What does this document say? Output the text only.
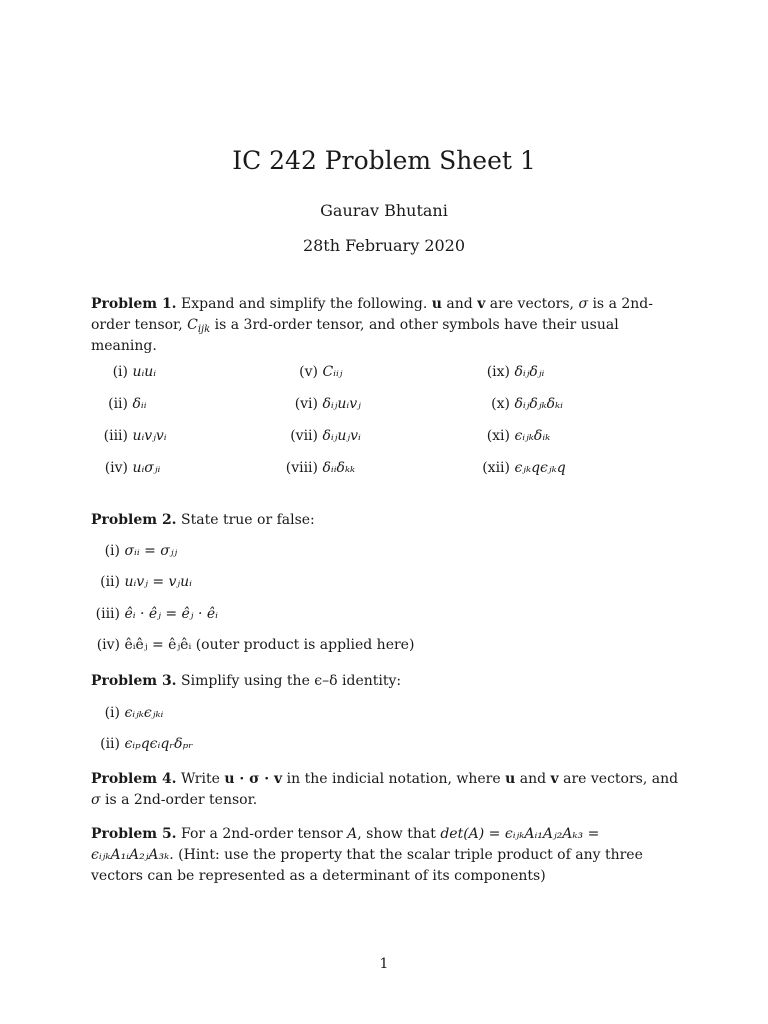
IC 242 Problem Sheet 1
Gaurav Bhutani
28th February 2020
Problem 1. Expand and simplify the following. u and v are vectors, σ is a 2nd-order tensor, $C_{ijk}$ is a 3rd-order tensor, and other symbols have their usual meaning.
(i) uᵢuᵢ
(ii) δᵢᵢ
(iii) uᵢvⱼvᵢ
(iv) uᵢσⱼᵢ
(v) Cᵢᵢⱼ
(vi) δᵢⱼuᵢvⱼ
(vii) δᵢⱼuⱼvᵢ
(viii) δᵢᵢδₖₖ
(ix) δᵢⱼδⱼᵢ
(x) δᵢⱼδⱼₖδₖᵢ
(xi) ϵᵢⱼₖδᵢₖ
(xii) ϵⱼₖqϵⱼₖq
Problem 2. State true or false:
(i) σᵢᵢ = σⱼⱼ
(ii) uᵢvⱼ = vⱼuᵢ
(iii) êᵢ · êⱼ = êⱼ · êᵢ
(iv) êᵢêⱼ = êⱼêᵢ (outer product is applied here)
Problem 3. Simplify using the ϵ–δ identity:
(i) ϵᵢⱼₖϵⱼₖᵢ
(ii) ϵᵢₚqϵᵢqᵣδₚᵣ
Problem 4. Write u · σ · v in the indicial notation, where u and v are vectors, and σ is a 2nd-order tensor.
Problem 5. For a 2nd-order tensor A, show that det(A) = ϵᵢⱼₖAᵢ₁Aⱼ₂Aₖ₃ = ϵᵢⱼₖA₁ᵢA₂ⱼA₃ₖ. (Hint: use the property that the scalar triple product of any three vectors can be represented as a determinant of its components)
1
